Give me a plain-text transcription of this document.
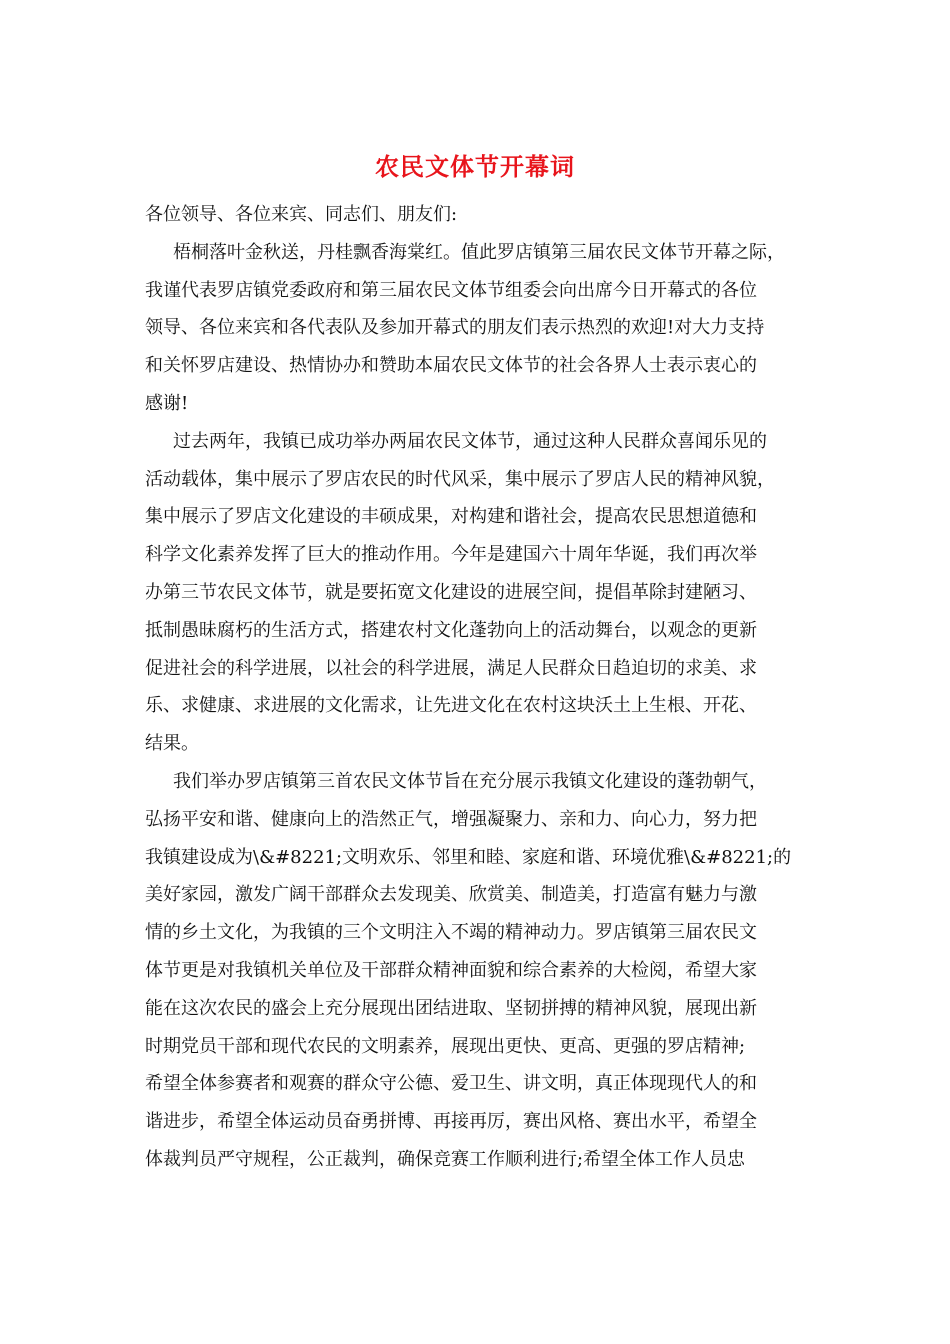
农民文体节开幕词
各位领导、各位来宾、同志们、朋友们:
梧桐落叶金秋送，丹桂飘香海棠红。值此罗店镇第三届农民文体节开幕之际，
我谨代表罗店镇党委政府和第三届农民文体节组委会向出席今日开幕式的各位
领导、各位来宾和各代表队及参加开幕式的朋友们表示热烈的欢迎!对大力支持
和关怀罗店建设、热情协办和赞助本届农民文体节的社会各界人士表示衷心的
感谢!
过去两年，我镇已成功举办两届农民文体节，通过这种人民群众喜闻乐见的
活动载体，集中展示了罗店农民的时代风采，集中展示了罗店人民的精神风貌，
集中展示了罗店文化建设的丰硕成果，对构建和谐社会，提高农民思想道德和
科学文化素养发挥了巨大的推动作用。今年是建国六十周年华诞，我们再次举
办第三节农民文体节，就是要拓宽文化建设的进展空间，提倡革除封建陋习、
抵制愚昧腐朽的生活方式，搭建农村文化蓬勃向上的活动舞台，以观念的更新
促进社会的科学进展，以社会的科学进展，满足人民群众日趋迫切的求美、求
乐、求健康、求进展的文化需求，让先进文化在农村这块沃土上生根、开花、
结果。
我们举办罗店镇第三首农民文体节旨在充分展示我镇文化建设的蓬勃朝气，
弘扬平安和谐、健康向上的浩然正气，增强凝聚力、亲和力、向心力，努力把
我镇建设成为\&#8221;文明欢乐、邻里和睦、家庭和谐、环境优雅\&#8221;的
美好家园，激发广阔干部群众去发现美、欣赏美、制造美，打造富有魅力与激
情的乡土文化，为我镇的三个文明注入不竭的精神动力。罗店镇第三届农民文
体节更是对我镇机关单位及干部群众精神面貌和综合素养的大检阅，希望大家
能在这次农民的盛会上充分展现出团结进取、坚韧拼搏的精神风貌，展现出新
时期党员干部和现代农民的文明素养，展现出更快、更高、更强的罗店精神;
希望全体参赛者和观赛的群众守公德、爱卫生、讲文明，真正体现现代人的和
谐进步，希望全体运动员奋勇拼博、再接再厉，赛出风格、赛出水平，希望全
体裁判员严守规程，公正裁判，确保竞赛工作顺利进行;希望全体工作人员忠
